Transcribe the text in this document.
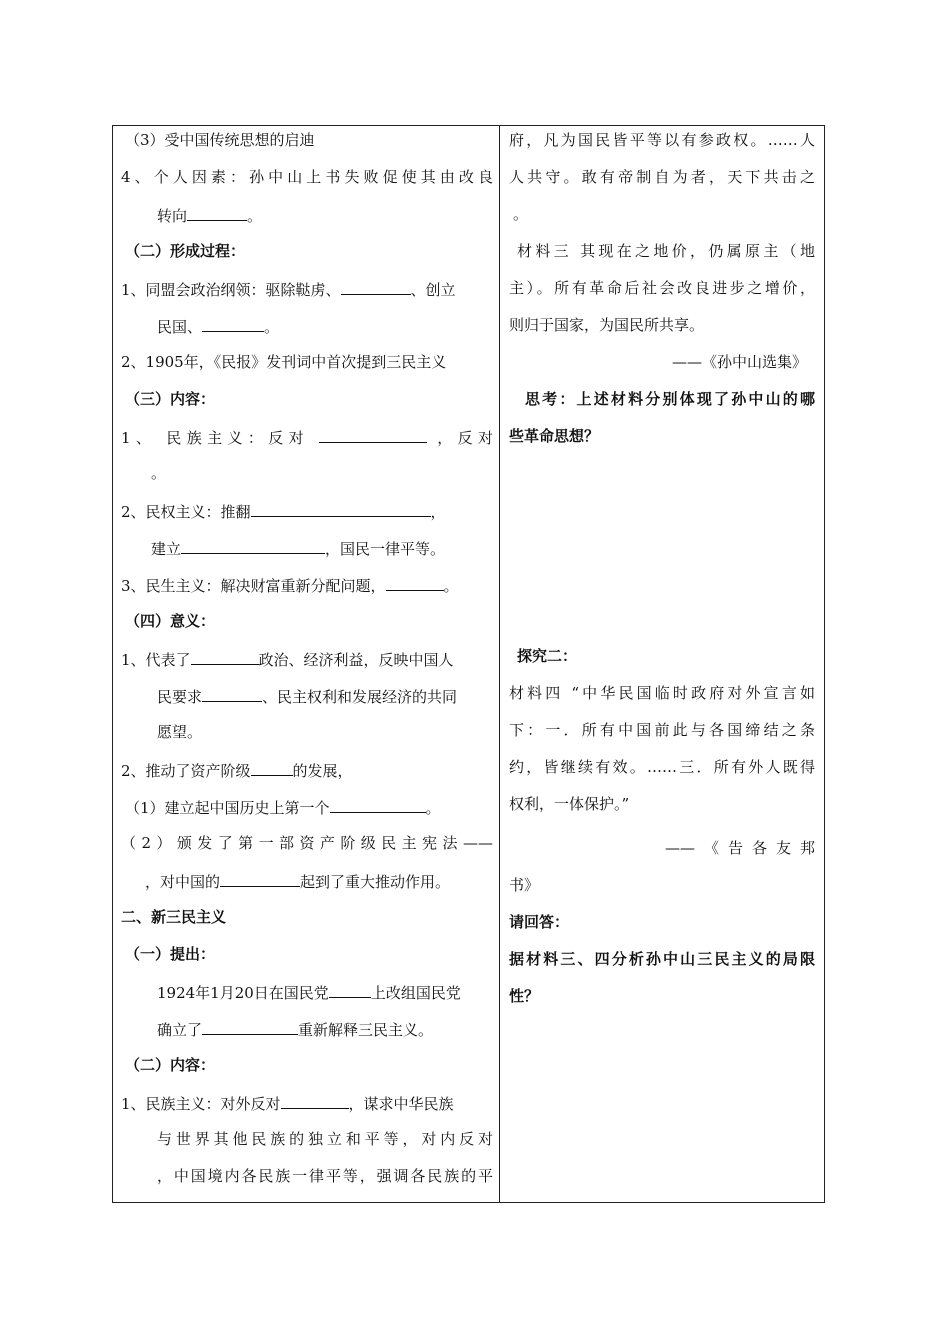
（3）受中国传统思想的启迪
4、个人因素：孙中山上书失败促使其由改良
转向	。
（二）形成过程：
1、同盟会政治纲领：驱除鞑虏、	、创立
民国、	。
2、1905年，《民报》发刊词中首次提到三民主义
（三）内容：
1、 民族主义：反对	，反对
。
2、民权主义：推翻	，
建立	，国民一律平等。
3、民生主义：解决财富重新分配问题，	。
（四）意义：
1、代表了	政治、经济利益，反映中国人
民要求	、民主权利和发展经济的共同
愿望。
2、推动了资产阶级	的发展，
（1）建立起中国历史上第一个	。
（2）颁发了第一部资产阶级民主宪法——
，对中国的	起到了重大推动作用。
二、新三民主义
（一）提出：
1924年1月20日在国民党	上改组国民党
确立了	重新解释三民主义。
（二）内容：
1、民族主义：对外反对	，谋求中华民族
与世界其他民族的独立和平等，对内反对
，中国境内各民族一律平等，强调各民族的平
府，凡为国民皆平等以有参政权。……人
人共守。敢有帝制自为者，天下共击之
。
材料三 其现在之地价，仍属原主（地
主）。所有革命后社会改良进步之增价，
则归于国家，为国民所共享。
——《孙中山选集》
思考：上述材料分别体现了孙中山的哪
些革命思想？
探究二：
材料四 “中华民国临时政府对外宣言如
下：一．所有中国前此与各国缔结之条
约，皆继续有效。……三．所有外人既得
权利，一体保护。”
——《告各友邦
书》
请回答：
据材料三、四分析孙中山三民主义的局限
性？
